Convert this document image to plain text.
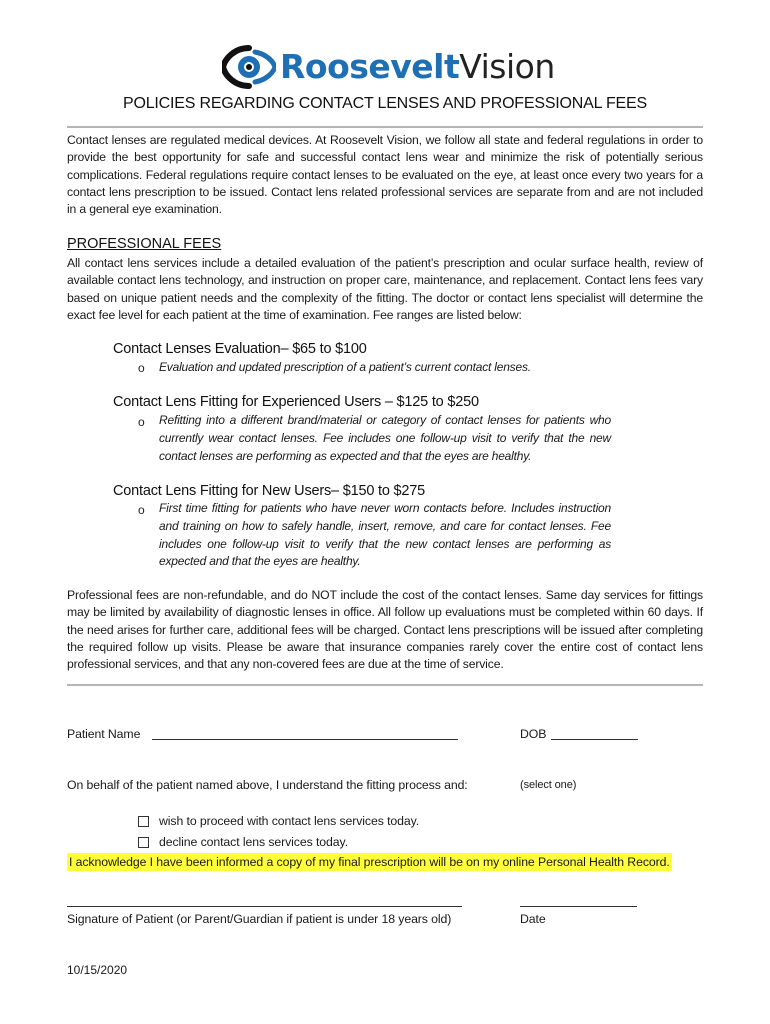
RooseveltVision
POLICIES REGARDING CONTACT LENSES AND PROFESSIONAL FEES
Contact lenses are regulated medical devices. At Roosevelt Vision, we follow all state and federal regulations in order to provide the best opportunity for safe and successful contact lens wear and minimize the risk of potentially serious complications. Federal regulations require contact lenses to be evaluated on the eye, at least once every two years for a contact lens prescription to be issued. Contact lens related professional services are separate from and are not included in a general eye examination.
PROFESSIONAL FEES
All contact lens services include a detailed evaluation of the patient’s prescription and ocular surface health, review of available contact lens technology, and instruction on proper care, maintenance, and replacement. Contact lens fees vary based on unique patient needs and the complexity of the fitting. The doctor or contact lens specialist will determine the exact fee level for each patient at the time of examination. Fee ranges are listed below:
Contact Lenses Evaluation– $65 to $100
o Evaluation and updated prescription of a patient’s current contact lenses.
Contact Lens Fitting for Experienced Users – $125 to $250
o Refitting into a different brand/material or category of contact lenses for patients who currently wear contact lenses. Fee includes one follow-up visit to verify that the new contact lenses are performing as expected and that the eyes are healthy.
Contact Lens Fitting for New Users– $150 to $275
o First time fitting for patients who have never worn contacts before. Includes instruction and training on how to safely handle, insert, remove, and care for contact lenses. Fee includes one follow-up visit to verify that the new contact lenses are performing as expected and that the eyes are healthy.
Professional fees are non-refundable, and do NOT include the cost of the contact lenses. Same day services for fittings may be limited by availability of diagnostic lenses in office. All follow up evaluations must be completed within 60 days. If the need arises for further care, additional fees will be charged. Contact lens prescriptions will be issued after completing the required follow up visits. Please be aware that insurance companies rarely cover the entire cost of contact lens professional services, and that any non-covered fees are due at the time of service.
Patient Name	DOB
On behalf of the patient named above, I understand the fitting process and:	(select one)
wish to proceed with contact lens services today.
decline contact lens services today.
I acknowledge I have been informed a copy of my final prescription will be on my online Personal Health Record.
Signature of Patient (or Parent/Guardian if patient is under 18 years old)	Date
10/15/2020
